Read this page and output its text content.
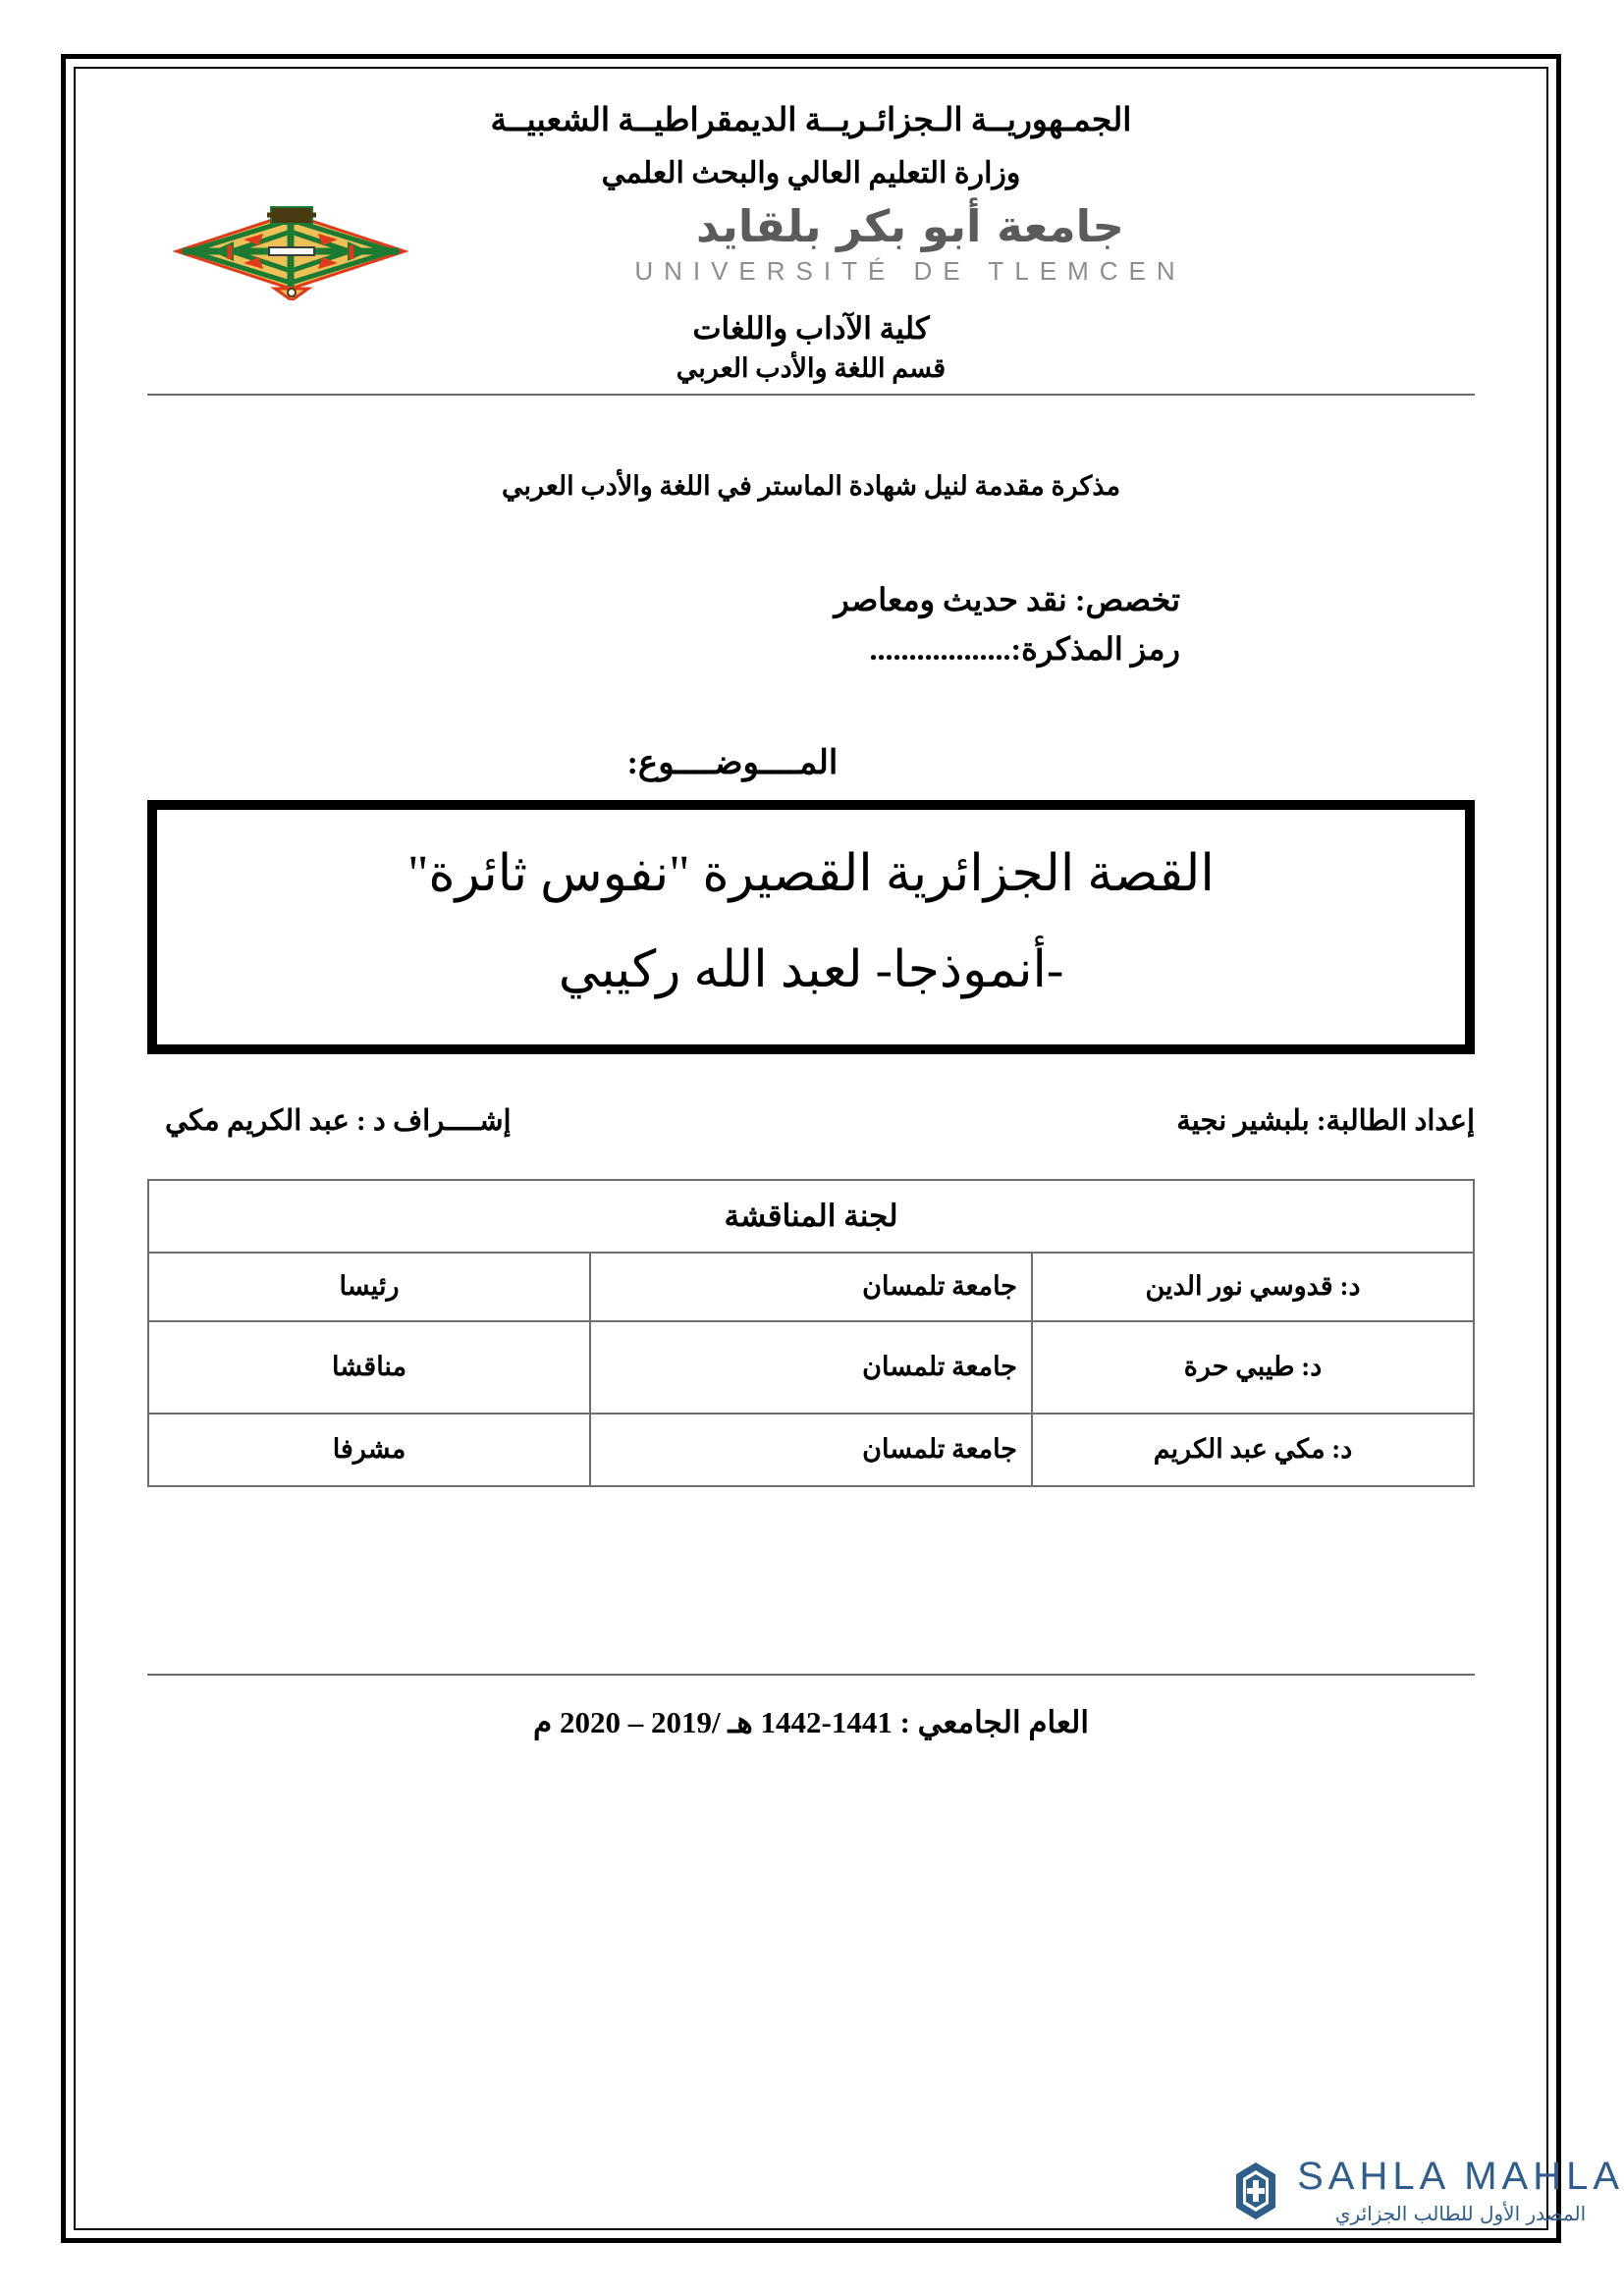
الجمـهوريــة الـجزائـريــة الديمقراطيــة الشعبيــة
وزارة التعليم العالي والبحث العلمي
جامعة أبو بكر بلقايد
UNIVERSITÉ DE TLEMCEN
كلية الآداب واللغات
قسم اللغة والأدب العربي
مذكرة مقدمة لنيل شهادة الماستر في اللغة والأدب العربي
تخصص: نقد حديث ومعاصر
رمز المذكرة:..................
المــــوضــــوع:
القصة الجزائرية القصيرة "نفوس ثائرة"
-أنموذجا- لعبد الله ركيبي
إعداد الطالبة: بلبشير نجية
إشــــراف د : عبد الكريم مكي
لجنة المناقشة		
د: قدوسي نور الدين	جامعة تلمسان	رئيسا
د: طيبي حرة	جامعة تلمسان	مناقشا
د: مكي عبد الكريم	جامعة تلمسان	مشرفا
العام الجامعي : 1441-1442 هـ /2019 – 2020 م
SAHLA MAHLA
المصدر الأول للطالب الجزائري
